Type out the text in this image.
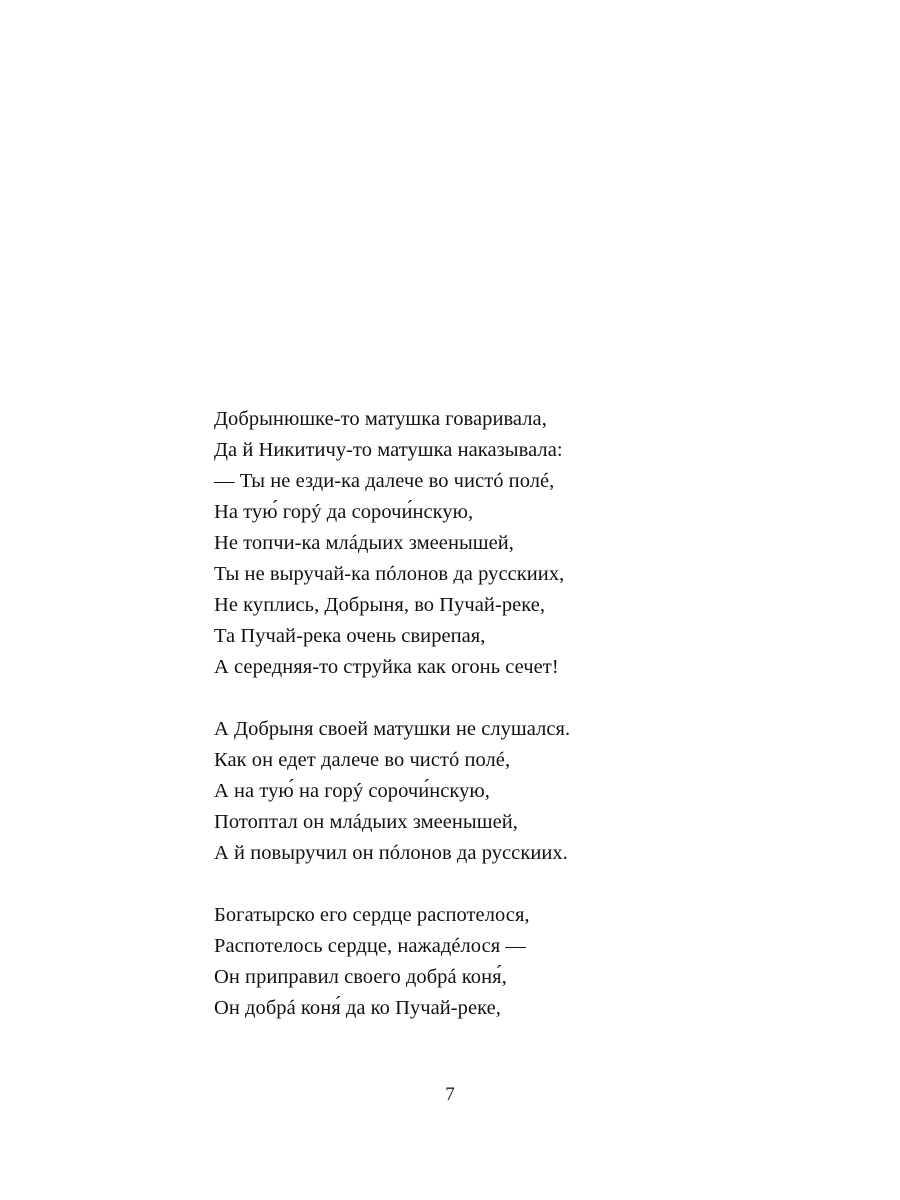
Добрынюшке-то матушка говаривала,
Да й Никитичу-то матушка наказывала:
— Ты не езди-ка далече во чистó полé,
На тую́ горý да сорочи́нскую,
Не топчи-ка млáдыих змеенышей,
Ты не выручай-ка пóлонов да русскиих,
Не куплись, Добрыня, во Пучай-реке,
Та Пучай-река очень свирепая,
А середняя-то струйка как огонь сечет!
А Добрыня своей матушки не слушался.
Как он едет далече во чистó полé,
А на тую́ на горý сорочи́нскую,
Потоптал он млáдыих змеенышей,
А й повыручил он пóлонов да русскиих.
Богатырско его сердце распотелося,
Распотелось сердце, нажадéлося —
Он приправил своего добрá коня́,
Он добрá коня́ да ко Пучай-реке,
7
